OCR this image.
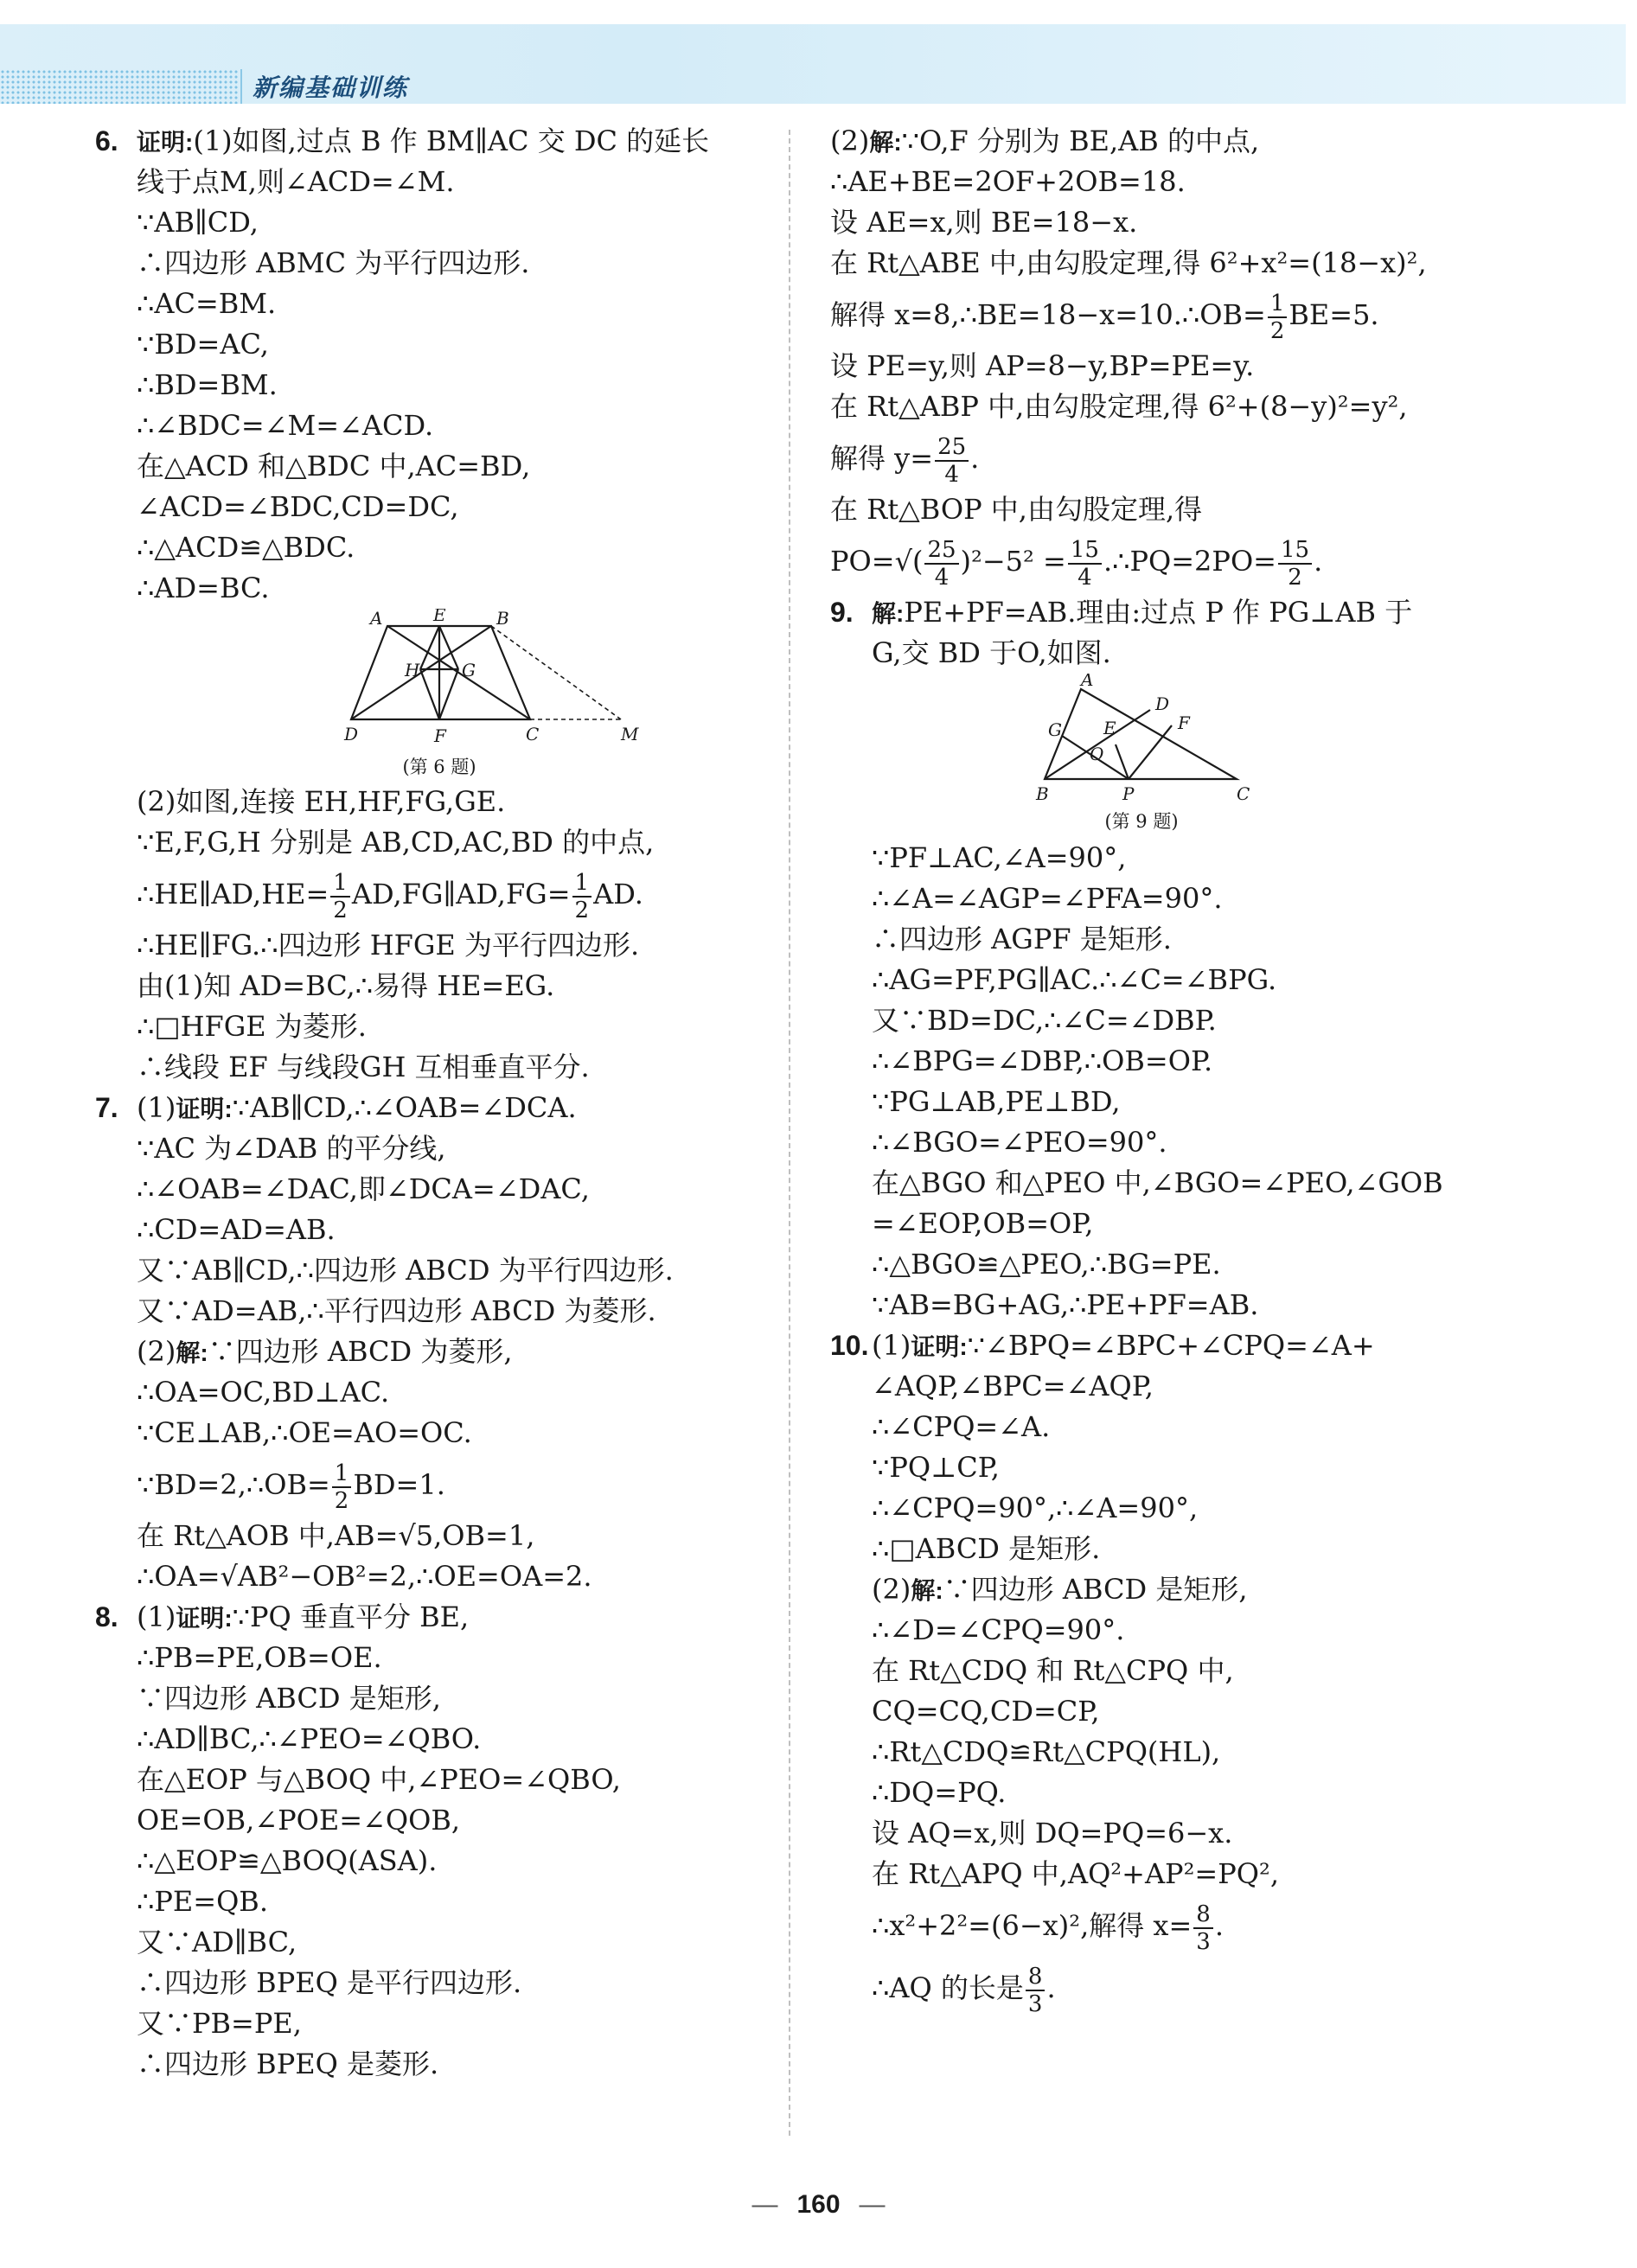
新编基础训练
6. 证明:(1)如图,过点 B 作 BM∥AC 交 DC 的延长
线于点M,则∠ACD=∠M.
∵AB∥CD,
∴四边形 ABMC 为平行四边形.
∴AC=BM.
∵BD=AC,
∴BD=BM.
∴∠BDC=∠M=∠ACD.
在△ACD 和△BDC 中,AC=BD,
∠ACD=∠BDC,CD=DC,
∴△ACD≌△BDC.
∴AD=BC.
A	E	B
H G
D	F	C	M
(第 6 题)
(2)如图,连接 EH,HF,FG,GE.
∵E,F,G,H 分别是 AB,CD,AC,BD 的中点,
∴HE∥AD,HE= $\frac{1}{2}$ AD,FG∥AD,FG= $\frac{1}{2}$ AD.
∴HE∥FG.∴四边形 HFGE 为平行四边形.
由(1)知 AD=BC,∴易得 HE=EG.
∴□HFGE 为菱形.
∴线段 EF 与线段GH 互相垂直平分.
7. (1)证明:∵AB∥CD,∴∠OAB=∠DCA.
∵AC 为∠DAB 的平分线,
∴∠OAB=∠DAC,即∠DCA=∠DAC,
∴CD=AD=AB.
又∵AB∥CD,∴四边形 ABCD 为平行四边形.
又∵AD=AB,∴平行四边形 ABCD 为菱形.
(2)解:∵四边形 ABCD 为菱形,
∴OA=OC,BD⊥AC.
∵CE⊥AB,∴OE=AO=OC.
∵BD=2,∴OB= $\frac{1}{2} BD=1$.
在 Rt△AOB 中,AB=√5,OB=1,
∴OA=√AB²−OB²=2,∴OE=OA=2.
8. (1)证明:∵PQ 垂直平分 BE,
∴PB=PE,OB=OE.
∵四边形 ABCD 是矩形,
∴AD∥BC,∴∠PEO=∠QBO.
在△EOP 与△BOQ 中,∠PEO=∠QBO,
OE=OB,∠POE=∠QOB,
∴△EOP≌△BOQ(ASA).
∴PE=QB.
又∵AD∥BC,
∴四边形 BPEQ 是平行四边形.
又∵PB=PE,
∴四边形 BPEQ 是菱形.
(2)解:∵O,F 分别为 BE,AB 的中点,
∴AE+BE=2OF+2OB=18.
设 AE=x,则 BE=18−x.
在 Rt△ABE 中,由勾股定理,得 6²+x²=(18−x)²,
解得 x=8,∴BE=18−x=10.∴OB= $\frac{1}{2} BE=5$.
设 PE=y,则 AP=8−y,BP=PE=y.
在 Rt△ABP 中,由勾股定理,得 6²+(8−y)²=y²,
解得 $y= \frac{25}{4}$ .
在 Rt△BOP 中,由勾股定理,得
$PO=√( \frac{25}{4} )^2-5^2 = \frac{15}{4}$ .∴PQ=2PO= $\frac{15}{2}$ .
9. 解:PE+PF=AB.理由:过点 P 作 PG⊥AB 于
G,交 BD 于O,如图.
A
D
G E	F
O
B	P	C
(第 9 题)
∵PF⊥AC,∠A=90°,
∴∠A=∠AGP=∠PFA=90°.
∴四边形 AGPF 是矩形.
∴AG=PF,PG∥AC.∴∠C=∠BPG.
又∵BD=DC,∴∠C=∠DBP.
∴∠BPG=∠DBP,∴OB=OP.
∵PG⊥AB,PE⊥BD,
∴∠BGO=∠PEO=90°.
在△BGO 和△PEO 中,∠BGO=∠PEO,∠GOB
=∠EOP,OB=OP,
∴△BGO≌△PEO,∴BG=PE.
∵AB=BG+AG,∴PE+PF=AB.
10. (1)证明:∵∠BPQ=∠BPC+∠CPQ=∠A+
∠AQP,∠BPC=∠AQP,
∴∠CPQ=∠A.
∵PQ⊥CP,
∴∠CPQ=90°,∴∠A=90°,
∴□ABCD 是矩形.
(2)解:∵四边形 ABCD 是矩形,
∴∠D=∠CPQ=90°.
在 Rt△CDQ 和 Rt△CPQ 中,
CQ=CQ,CD=CP,
∴Rt△CDQ≌Rt△CPQ(HL),
∴DQ=PQ.
设 AQ=x,则 DQ=PQ=6−x.
在 Rt△APQ 中,AQ²+AP²=PQ²,
∴x²+2²=(6−x)²,解得 $x= \frac{8}{3}$ .
∴AQ 的长是 $\frac{8}{3}$ .
— 160 —
